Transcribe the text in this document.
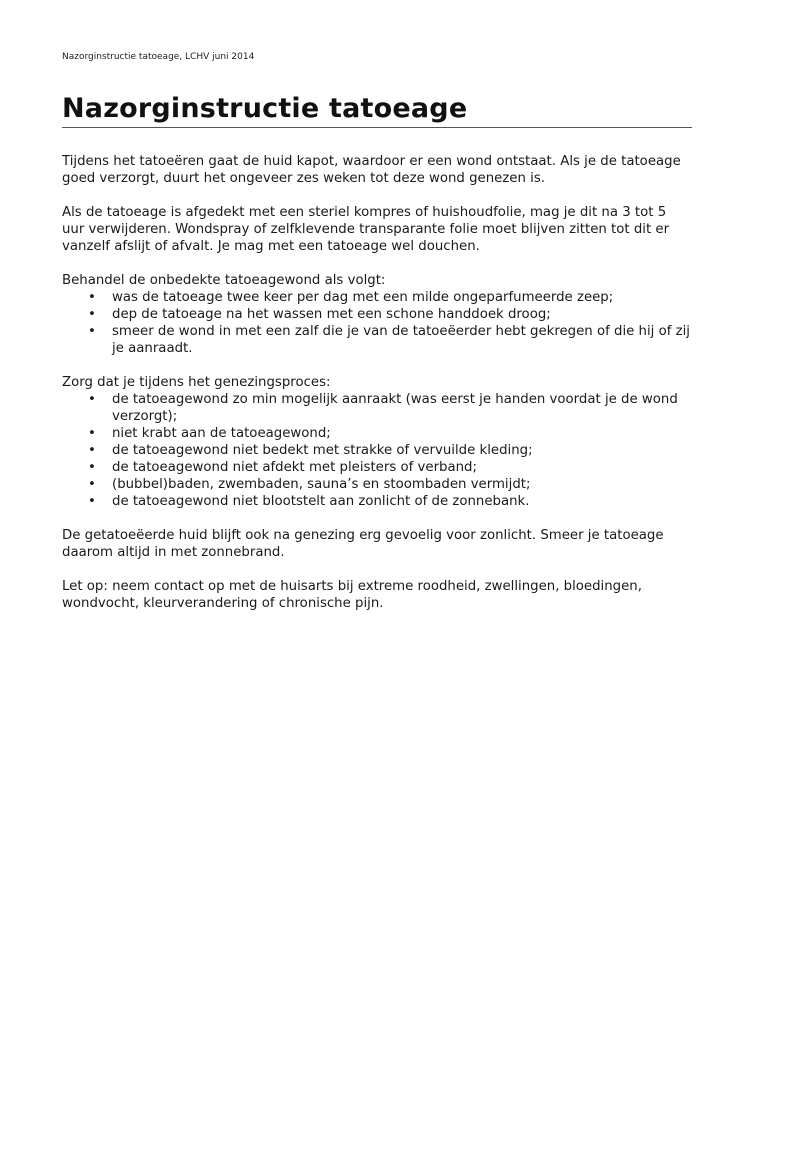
Nazorginstructie tatoeage, LCHV juni 2014
Nazorginstructie tatoeage

Tijdens het tatoeëren gaat de huid kapot, waardoor er een wond ontstaat. Als je de tatoeage goed verzorgt, duurt het ongeveer zes weken tot deze wond genezen is.

Als de tatoeage is afgedekt met een steriel kompres of huishoudfolie, mag je dit na 3 tot 5 uur verwijderen. Wondspray of zelfklevende transparante folie moet blijven zitten tot dit er vanzelf afslijt of afvalt. Je mag met een tatoeage wel douchen.

Behandel de onbedekte tatoeagewond als volgt:

• was de tatoeage twee keer per dag met een milde ongeparfumeerde zeep;
• dep de tatoeage na het wassen met een schone handdoek droog;
• smeer de wond in met een zalf die je van de tatoeëerder hebt gekregen of die hij of zij je aanraadt.

Zorg dat je tijdens het genezingsproces:

• de tatoeagewond zo min mogelijk aanraakt (was eerst je handen voordat je de wond verzorgt);
• niet krabt aan de tatoeagewond;
• de tatoeagewond niet bedekt met strakke of vervuilde kleding;
• de tatoeagewond niet afdekt met pleisters of verband;
• (bubbel)baden, zwembaden, sauna’s en stoombaden vermijdt;
• de tatoeagewond niet blootstelt aan zonlicht of de zonnebank.

De getatoeëerde huid blijft ook na genezing erg gevoelig voor zonlicht. Smeer je tatoeage daarom altijd in met zonnebrand.

Let op: neem contact op met de huisarts bij extreme roodheid, zwellingen, bloedingen, wondvocht, kleurverandering of chronische pijn.
